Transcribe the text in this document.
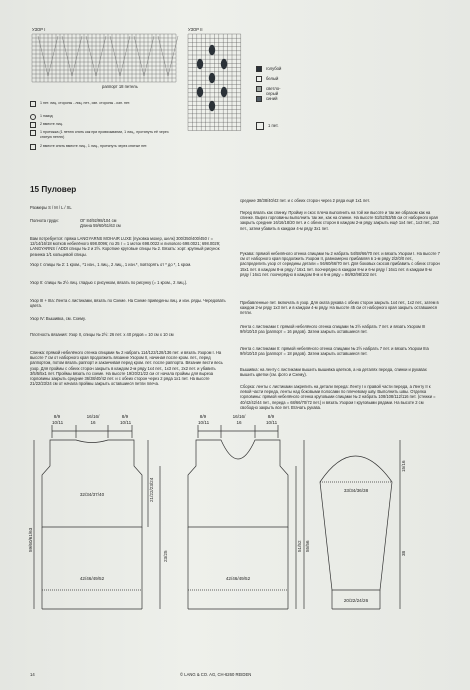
УЗОР I
раппорт 18 петель
1 пет. лиц. стороны - лиц. пет., изн. стороны - изн. пет.
1 накид
2 вместе лиц.
1 протяжка (1 петлю снять как при провязывании, 1 лиц., протянуть её через снятую петлю)
2 вместе снять вместе лиц., 1 лиц., протянуть через снятые пет.
УЗОР II
голубой
белый
светло-серый
синий
1 пет.
15 Пуловер
Размеры S / M / L / XL
Полнота груди:	ОГ 84/92/98/104 см
Длина 59/60/61/63 см
Вам потребуется: пряжа LANGYARNS MOHAIR LUXE (пуховка мохер, шелк) 300/350/400/450 г = 12/14/16/18 мотков небелёного 698.0096; по 25 г = 1 моток 698.0022 и лилового 698.0021; 698.0029; LANGYARNS / ADDI спицы № 2 и 2½. Короткие круговые спицы № 2. Вязать: хорт. крупный рисунок резинка 1/1 кольцевой спицы.
Узор I: спицы № 2: 1 кром., *1 изн., 1 лиц., 2 лиц., 1 изн.*, повторять от * до *, 1 кром.
Узор II: спицы № 2½ лиц. гладью с рисунком, вязать по рисунку (= 1 кром., 2 лиц.).
Узор III + IIIа: Лента с листиками, вязать по Схеме. На Схеме приведены лиц. и изн. ряды. Чередовать цвета.
Узор IV: Вышивка, см. Схему.
Плотность вязания: Узор II, спицы № 2½: 26 пет. x 40 рядов = 10 см x 10 см
Спинка: прямой небелёного отенка спицами № 2 набрать 114/122/128/136 пет. и вязать Узором I. На высоте 7 см от наборного края продолжить вязание Узором II, начиная после кром. пет., перед раппортом, потом вязать раппорт и заканчивая перед кром. пет. после раппорта. Вязание вести весь узор. Для проймы с обеих сторон закрыть в каждом 2-м ряду 1х4 пет., 1х3 пет., 2х2 пет. и убавить 3/5/5/5х1 пет. Проймы вязать по схеме. На высоте 19/20/21/22 см от начала проймы для выреза горловины закрыть средние 36/38/40/42 пет. и с обеих сторон через 2 ряда 1х1 пет. На высоте 21/22/23/24 см от начала проймы закрыть оставшиеся петли плеча.
средние 38/38/40/42 пет. и с обеих сторон через 2 ряда ещё 1х1 пет.
Перед вязать как спинку. Пройму и скос плеча выполнить на той же высоте и так же образом как на спинке. Вырез горловины выполнить так же, как на спинке. На высоте 51/52/53/55 см от наборного края закрыть средние 16/16/18/20 пет. и с обеих сторон в каждом 2-м ряду закрыть ещё 1х4 пет., 1х3 пет., 2х2 пет., затем убавить в каждом 4-м ряду 3х1 пет.
Рукава: прямой небелёного отенка спицами № 2 набрать 54/58/66/70 пет. и вязать Узором I. На высоте 7 см от наборного края продолжить Узором II, равномерно прибавляя в 1-м ряду 2/2/0/0 пет., распределить узор от середины детали = 56/60/66/70 пет. Для боковых скосов прибавить с обеих сторон 15х1 пет. в каждом 8-м ряду / 16х1 пет. поочерёдно в каждом 8-м и 6-м ряду / 16х1 пет. в каждом 8-м ряду / 16х1 пет. поочерёдно в каждом 8-м и 6-м ряду = 86/92/98/102 пет.
Прибавленные пет. включать в узор. Для оката рукава с обеих сторон закрыть 1х4 пет., 1х2 пет., затем в каждом 2-м ряду 1х3 пет. и в каждом 4-м ряду. На высоте 45 см от наборного края закрыть оставшиеся петли.
Лента с листиками I: прямой небелёного отенка спицами № 2½ набрать 7 пет. и вязать Узором III 9/9/10/10 раз (раппорт = 16 рядов). Затем закрыть оставшиеся пет.
Лента с листиками II: прямой небелёного отенка спицами № 2½ набрать 7 пет. и вязать Узором IIIа 9/9/10/10 раз (раппорт = 18 рядов). Затем закрыть оставшиеся пет.
Вышивка: на ленту с листиками вышить вышивка цветков, а на деталях переда, спинки и рукавах вышить цветки (см. фото и Схему).
Сборка: ленты с листиками закрепить на детали переда: Ленту I к правой части переда, а Ленту II к левой части переда, ленты над боковыми полосами по плечевому шву. Выполнить швы. Отделка горловины: прямой небелёного отенка круговыми спицами № 2 набрать 108/108/112/116 пет. (стежки = 40/42/42/44 пет., переда = 68/66/70/72 пет.) и вязать Узором I круговыми рядами. На высоте 2 см свободно закрыть все пет. Втачать рукава.
8/9	16/16/	8/9
10/11	16	10/11
8/9	16/16/	8/9
10/11	16	10/11
32/34/37/40
42/46/49/52
59/60/61/63
21/22/23/24
23/25
42/46/49/52
51/52 55/56
33/34/36/38
15/16
38
20/22/24/26
14	© LANG & CO. AG, CH-6260 REIDEN
